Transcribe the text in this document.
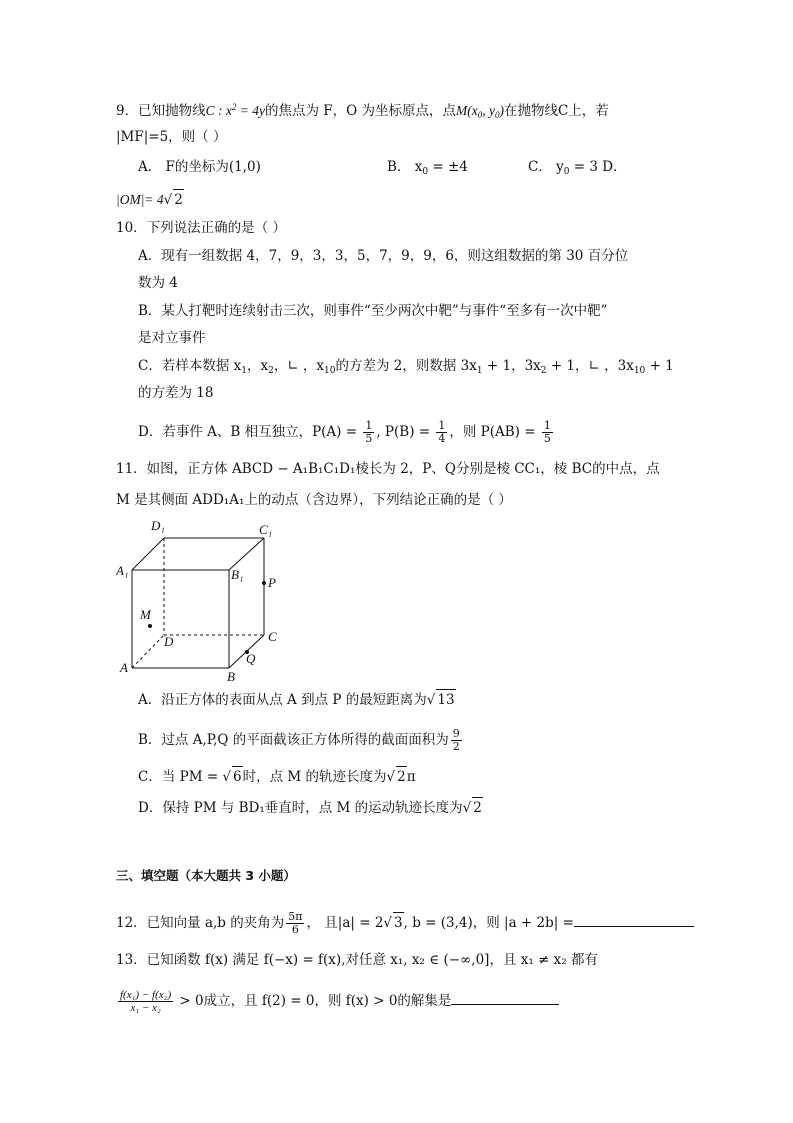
9．已知抛物线C : $x^2 = 4y$的焦点为 F，O 为坐标原点，点$M(x_0$, $y_0$)在抛物线C上，若
|MF|=5，则（ ）
A． F的坐标为(1,0)	B． $x_0 = \pm 4$	C． $y_0 = 3$ D．
|OM|= 4√ 2
10．下列说法正确的是（ ）
A．现有一组数据 4，7，9，3，3，5，7，9，9，6，则这组数据的第 30 百分位
数为 4
B．某人打靶时连续射击三次，则事件“至少两次中靶”与事件“至多有一次中靶”
是对立事件
C．若样本数据 $x_1$，$x_2$，∟ ，$x_{10}$的方差为 2，则数据 $3x_1 + 1$，$3x_2 + 1$，∟ ，$3x_{10} + 1$
的方差为 18
D．若事件 A、B 相互独立，$P(A) = \frac{1}{5}$ , $P(B) = \frac{1}{4}$ ，则 $P(AB) = \frac{1}{5}$
11．如图，正方体 ABCD − A₁B₁C₁D₁棱长为 2，P、Q分别是棱 CC₁，棱 BC的中点，点
M 是其侧面 ADD₁A₁上的动点（含边界），下列结论正确的是（ ）
D₁	C₁
A₁	B₁
P
M
D	C
Q
A
B
A．沿正方体的表面从点 A 到点 P 的最短距离为√ 13
B．过点 A,P,Q 的平面截该正方体所得的截面面积为 $\frac{9}{2}$
C．当 PM = √ 6时，点 M 的轨迹长度为√ 2π
D．保持 PM 与 BD₁垂直时，点 M 的运动轨迹长度为√ 2
三、填空题（本大题共 3 小题）
12．已知向量 a,b 的夹角为 $\frac{5\pi}{6}$ ， 且|a| = 2√ 3, b = (3,4)，则 |a + 2b| =
13．已知函数 f(x) 满足 f(−x) = f(x),对任意 x₁, x₂ ∈ (−∞,0]，且 x₁ ≠ x₂ 都有
$\frac{\text{f(x₁) − f(x₂)}}{\text{x₁ − x₂}} > 0$成立，且 f(2) = 0，则 f(x) > 0的解集是
